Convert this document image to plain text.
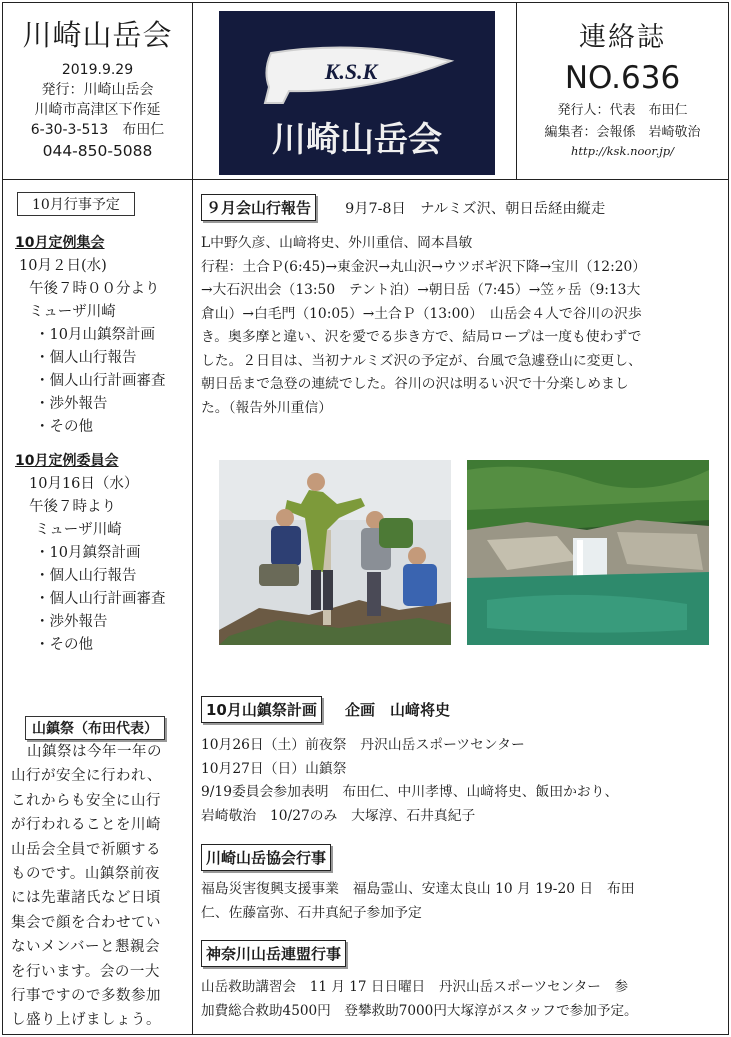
川崎山岳会
2019.9.29
発行：川崎山岳会
川崎市高津区下作延
6-30-3-513　布田仁
044-850-5088
K.S.K
川崎山岳会
連絡誌
NO.636
発行人：代表　布田仁
編集者：会報係　岩崎敬治
http://ksk.noor.jp/
10月行事予定
10月定例集会
10月２日(水)
午後７時００分より
ミューザ川崎
・10月山鎮祭計画
・個人山行報告
・個人山行計画審査
・渉外報告
・その他
10月定例委員会
10月16日（水）
午後７時より
ミューザ川崎
・10月鎮祭計画
・個人山行報告
・個人山行計画審査
・渉外報告
・その他
山鎮祭（布田代表）
山鎮祭は今年一年の
山行が安全に行われ、
これからも安全に山行
が行われることを川崎
山岳会全員で祈願する
ものです。山鎮祭前夜
には先輩諸氏など日頃
集会で顔を合わせてい
ないメンバーと懇親会
を行います。会の一大
行事ですので多数参加
し盛り上げましょう。
９月会山行報告 9月7-8日　ナルミズ沢、朝日岳経由縦走
L中野久彦、山﨑将史、外川重信、岡本昌敏
行程：土合Ｐ(6:45)→東金沢→丸山沢→ウツボギ沢下降→宝川（12:20）
→大石沢出会（13:50　テント泊）→朝日岳（7:45）→笠ヶ岳（9:13大
倉山）→白毛門（10:05）→土合Ｐ（13:00）　山岳会４人で谷川の沢歩
き。奥多摩と違い、沢を愛でる歩き方で、結局ロープは一度も使わずで
した。２日目は、当初ナルミズ沢の予定が、台風で急遽登山に変更し、
朝日岳まで急登の連続でした。谷川の沢は明るい沢で十分楽しめまし
た。（報告外川重信）
10月山鎮祭計画 企画　山﨑将史
10月26日（土）前夜祭　丹沢山岳スポーツセンター
10月27日（日）山鎮祭
9/19委員会参加表明　布田仁、中川孝博、山﨑将史、飯田かおり、
岩崎敬治　10/27のみ　大塚淳、石井真紀子
川崎山岳協会行事
福島災害復興支援事業　福島霊山、安達太良山 10 月 19-20 日　布田
仁、佐藤富弥、石井真紀子参加予定
神奈川山岳連盟行事
山岳救助講習会　11 月 17 日日曜日　丹沢山岳スポーツセンター　参
加費総合救助4500円　登攀救助7000円大塚淳がスタッフで参加予定。
